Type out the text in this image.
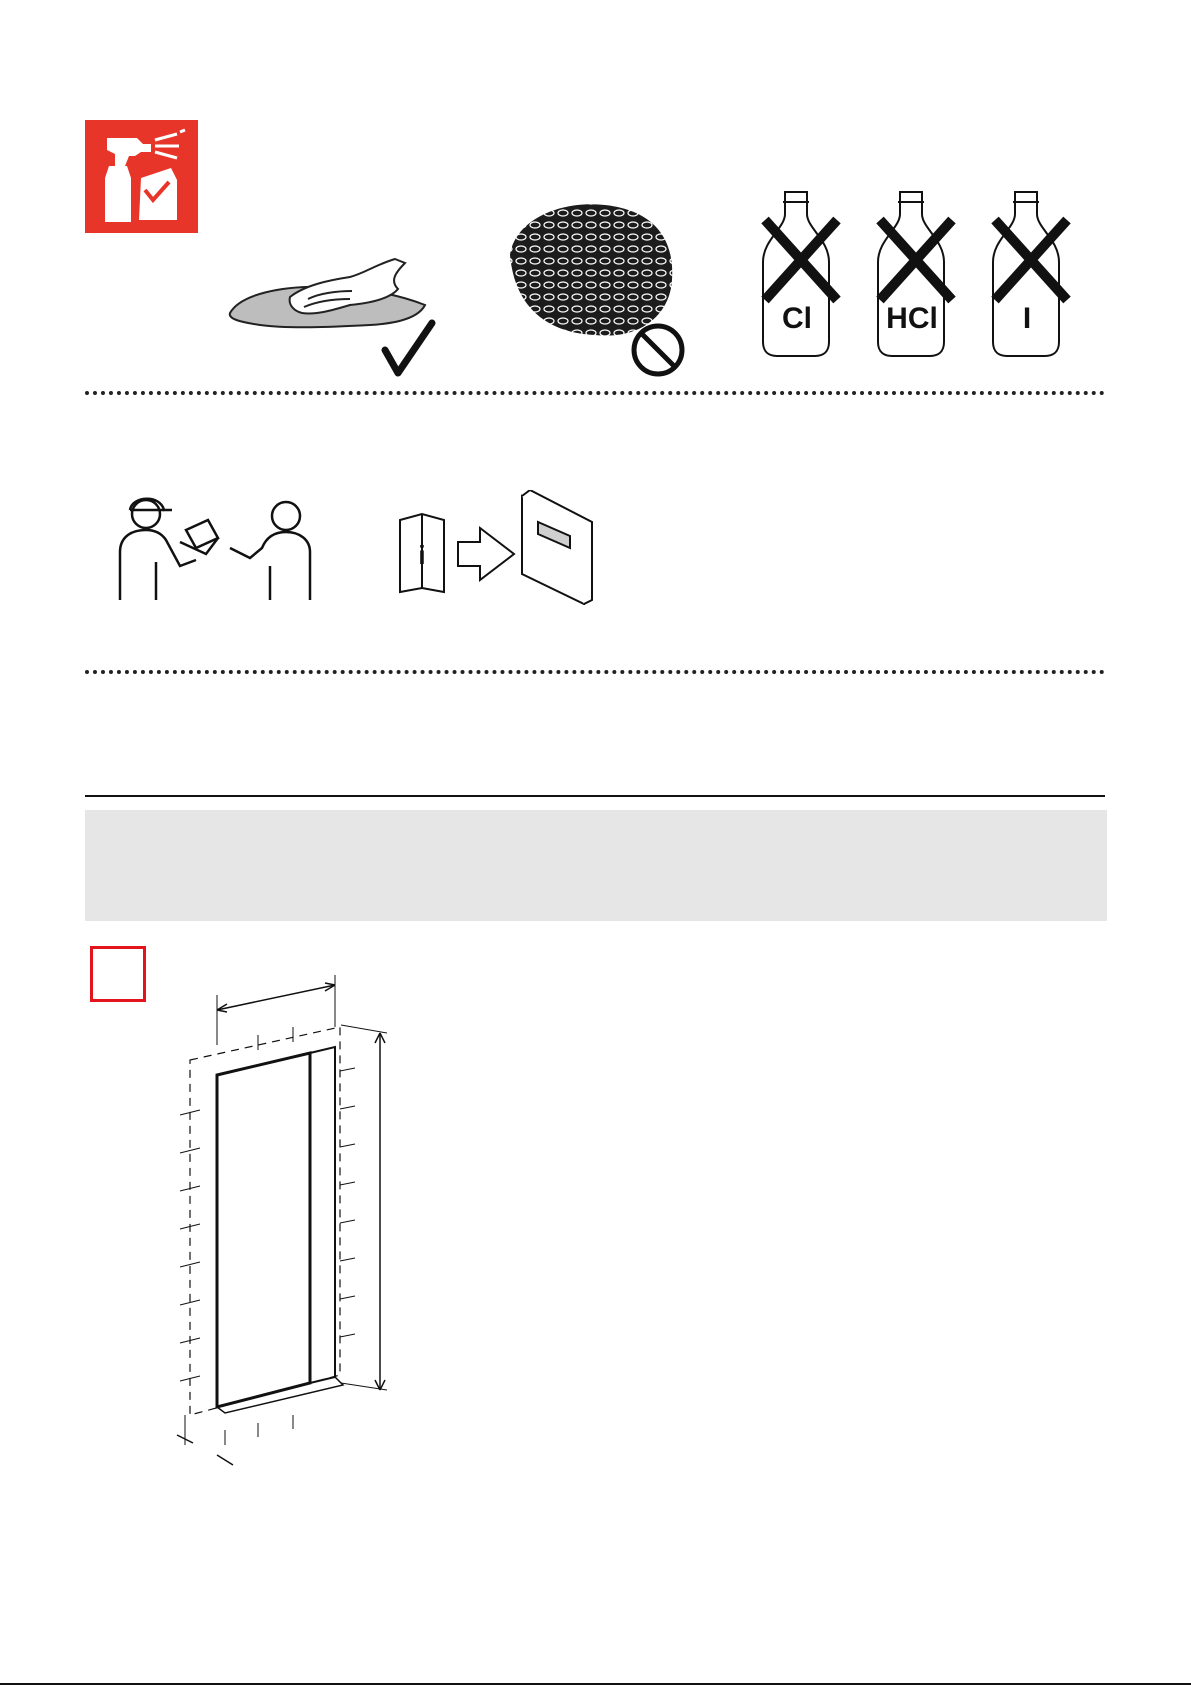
Cl HCl	I
i
